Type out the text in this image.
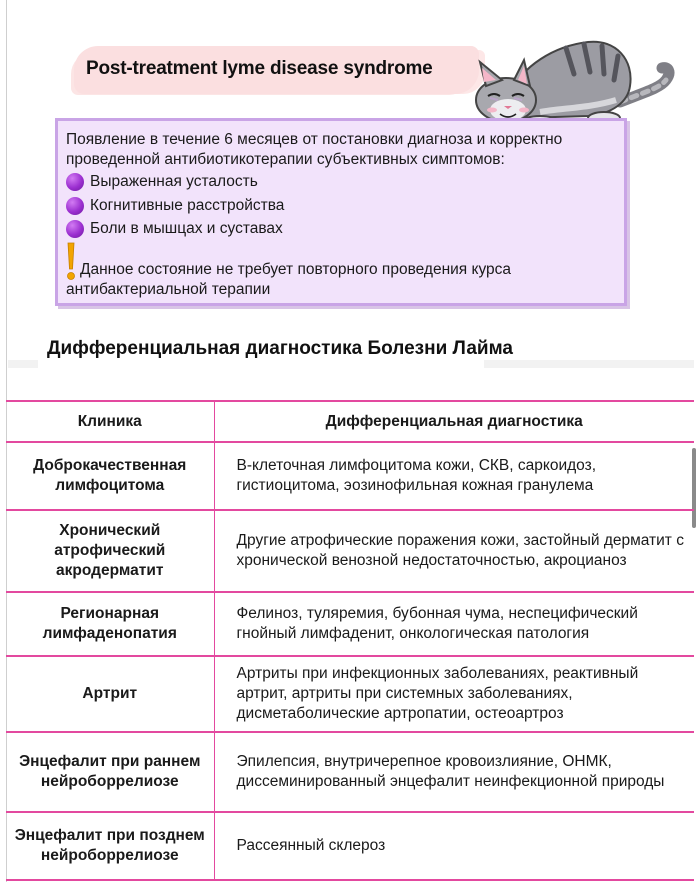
Post-treatment lyme disease syndrome
Появление в течение 6 месяцев от постановки диагноза и корректно проведенной антибиотикотерапии субъективных симптомов:
Выраженная усталость
Когнитивные расстройства
Боли в мышцах и суставах
Данное состояние не требует повторного проведения курса антибактериальной терапии
Дифференциальная диагностика Болезни Лайма
Клиника	Дифференциальная диагностика
Доброкачественная лимфоцитома	В-клеточная лимфоцитома кожи, СКВ, саркоидоз, гистиоцитома, эозинофильная кожная гранулема
Хронический атрофический акродерматит	Другие атрофические поражения кожи, застойный дерматит с хронической венозной недостаточностью, акроцианоз
Регионарная лимфаденопатия	Фелиноз, туляремия, бубонная чума, неспецифический гнойный лимфаденит, онкологическая патология
Артрит	Артриты при инфекционных заболеваниях, реактивный артрит, артриты при системных заболеваниях, дисметаболические артропатии, остеоартроз
Энцефалит при раннем нейроборрелиозе	Эпилепсия, внутричерепное кровоизлияние, ОНМК, диссеминированный энцефалит неинфекционной природы
Энцефалит при позднем нейроборрелиозе	Рассеянный склероз
